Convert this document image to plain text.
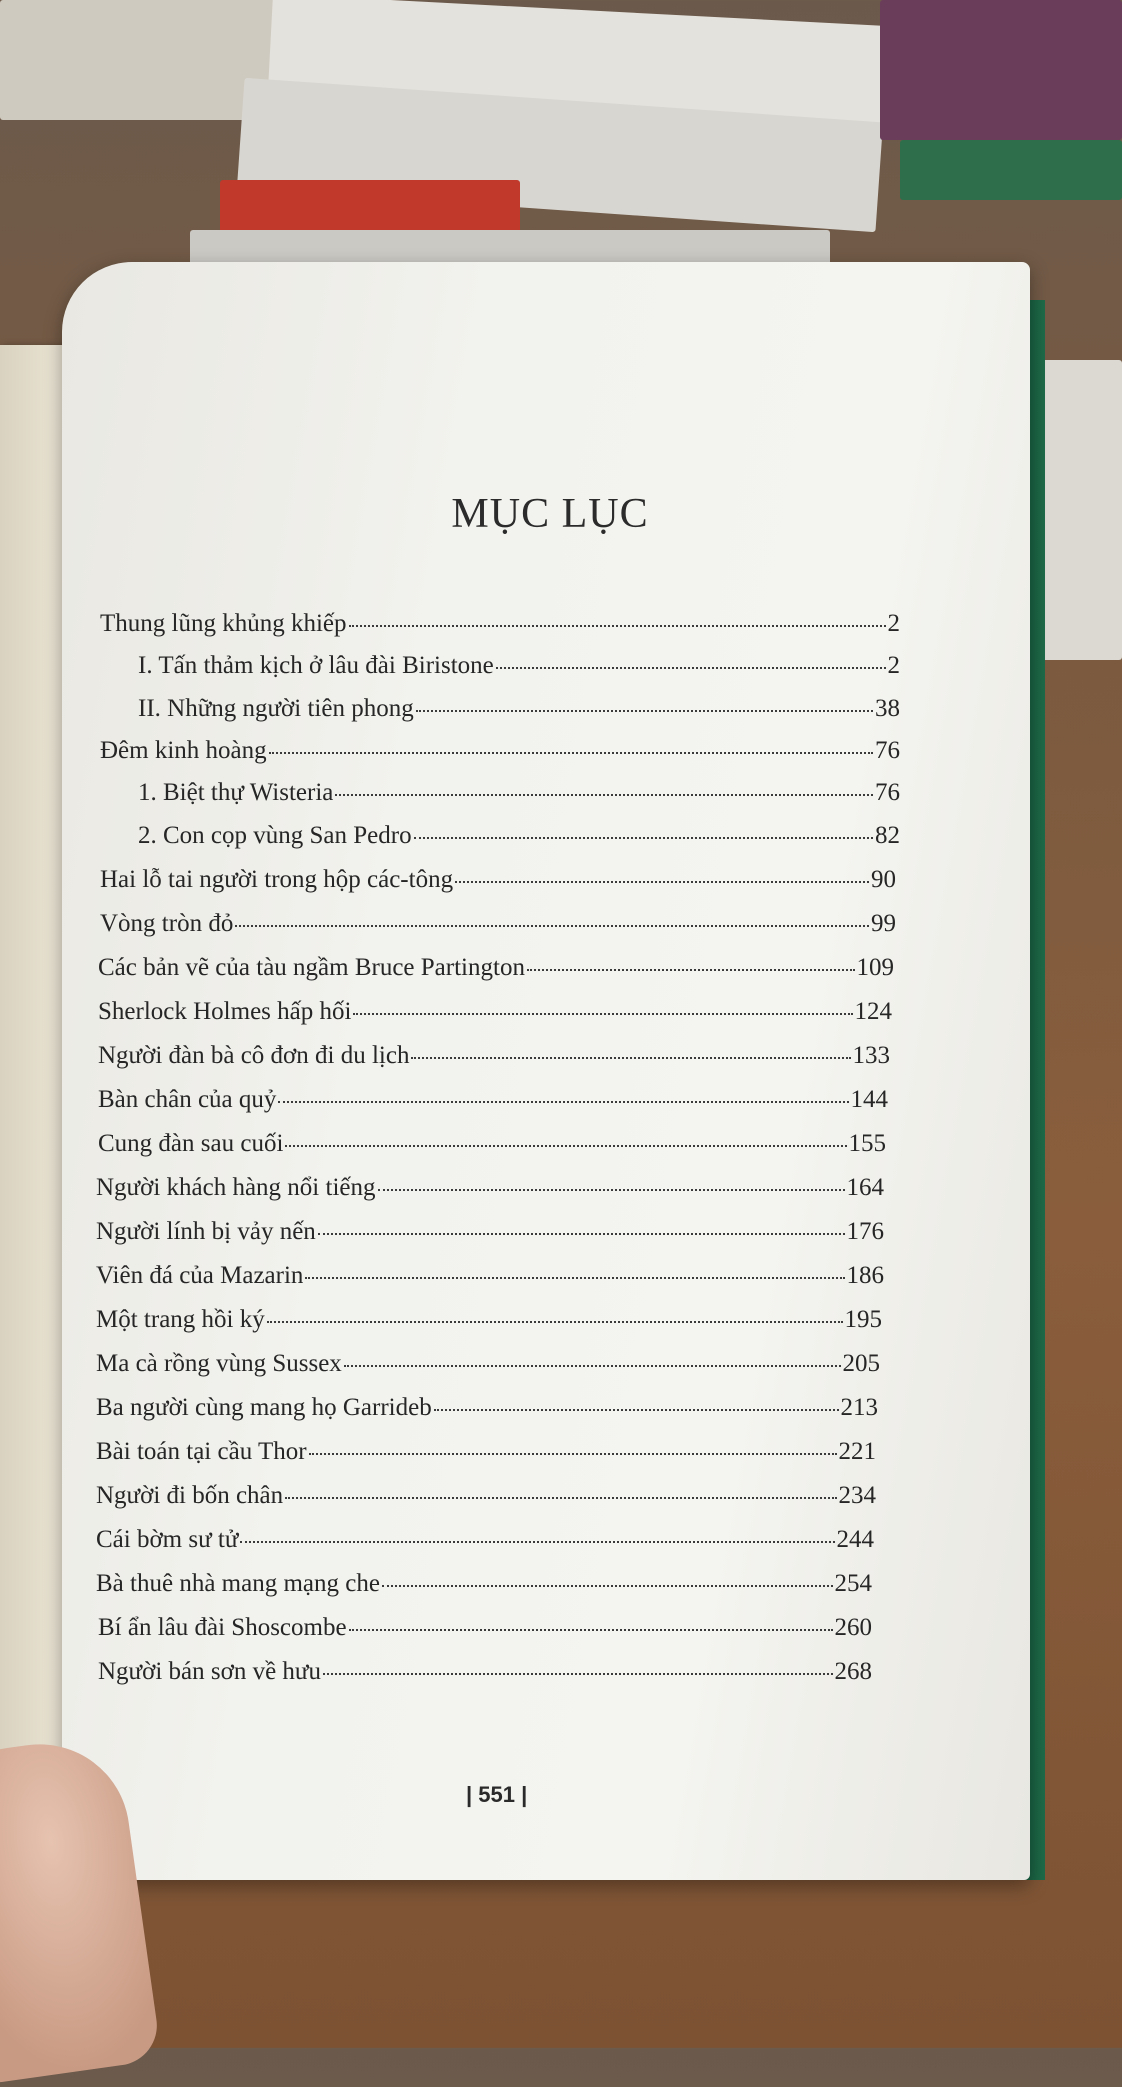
MỤC LỤC
Thung lũng khủng khiếp	2
I. Tấn thảm kịch ở lâu đài Biristone	2
II. Những người tiên phong	38
Đêm kinh hoàng	76
1. Biệt thự Wisteria	76
2. Con cọp vùng San Pedro	82
Hai lỗ tai người trong hộp các-tông	90
Vòng tròn đỏ	99
Các bản vẽ của tàu ngầm Bruce Partington	109
Sherlock Holmes hấp hối	124
Người đàn bà cô đơn đi du lịch	133
Bàn chân của quỷ	144
Cung đàn sau cuối	155
Người khách hàng nổi tiếng	164
Người lính bị vảy nến	176
Viên đá của Mazarin	186
Một trang hồi ký	195
Ma cà rồng vùng Sussex	205
Ba người cùng mang họ Garrideb	213
Bài toán tại cầu Thor	221
Người đi bốn chân	234
Cái bờm sư tử	244
Bà thuê nhà mang mạng che	254
Bí ẩn lâu đài Shoscombe	260
Người bán sơn về hưu	268
| 551 |
